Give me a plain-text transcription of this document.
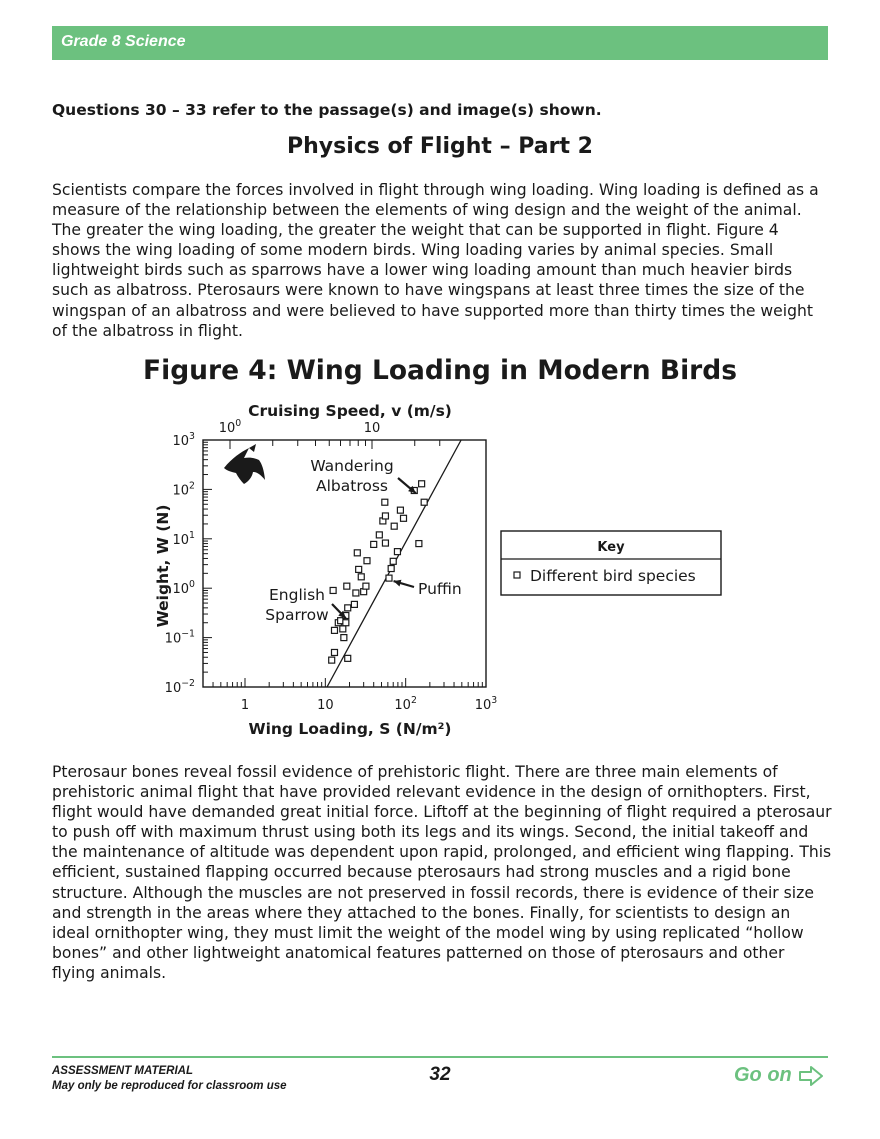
Grade 8 Science
Questions 30 – 33 refer to the passage(s) and image(s) shown.
Physics of Flight – Part 2

Scientists compare the forces involved in flight through wing loading. Wing loading is defined as a measure of the relationship between the elements of wing design and the weight of the animal. The greater the wing loading, the greater the weight that can be supported in flight. Figure 4 shows the wing loading of some modern birds. Wing loading varies by animal species. Small lightweight birds such as sparrows have a lower wing loading amount than much heavier birds such as albatross. Pterosaurs were known to have wingspans at least three times the size of the wingspan of an albatross and were believed to have supported more than thirty times the weight of the albatross in flight.

Figure 4: Wing Loading in Modern Birds
1	10	$10^2$	$10^3$
$10^3$
$10^2$
$10^1$
$10^0$
$10^{-1}$
$10^{-2}$
$10^0$	10
Cruising Speed, v (m/s)
Wing Loading, S (N/m²)
Weight, W (N)
Wandering Albatross
English Sparrow
Puffin
Key
Different bird species

Pterosaur bones reveal fossil evidence of prehistoric flight. There are three main elements of prehistoric animal flight that have provided relevant evidence in the design of ornithopters. First, flight would have demanded great initial force. Liftoff at the beginning of flight required a pterosaur to push off with maximum thrust using both its legs and its wings. Second, the initial takeoff and the maintenance of altitude was dependent upon rapid, prolonged, and efficient wing flapping. This efficient, sustained flapping occurred because pterosaurs had strong muscles and a rigid bone structure. Although the muscles are not preserved in fossil records, there is evidence of their size and strength in the areas where they attached to the bones. Finally, for scientists to design an ideal ornithopter wing, they must limit the weight of the model wing by using replicated “hollow bones” and other lightweight anatomical features patterned on those of pterosaurs and other flying animals.

ASSESSMENT MATERIAL
May only be reproduced for classroom use
32	Go on
